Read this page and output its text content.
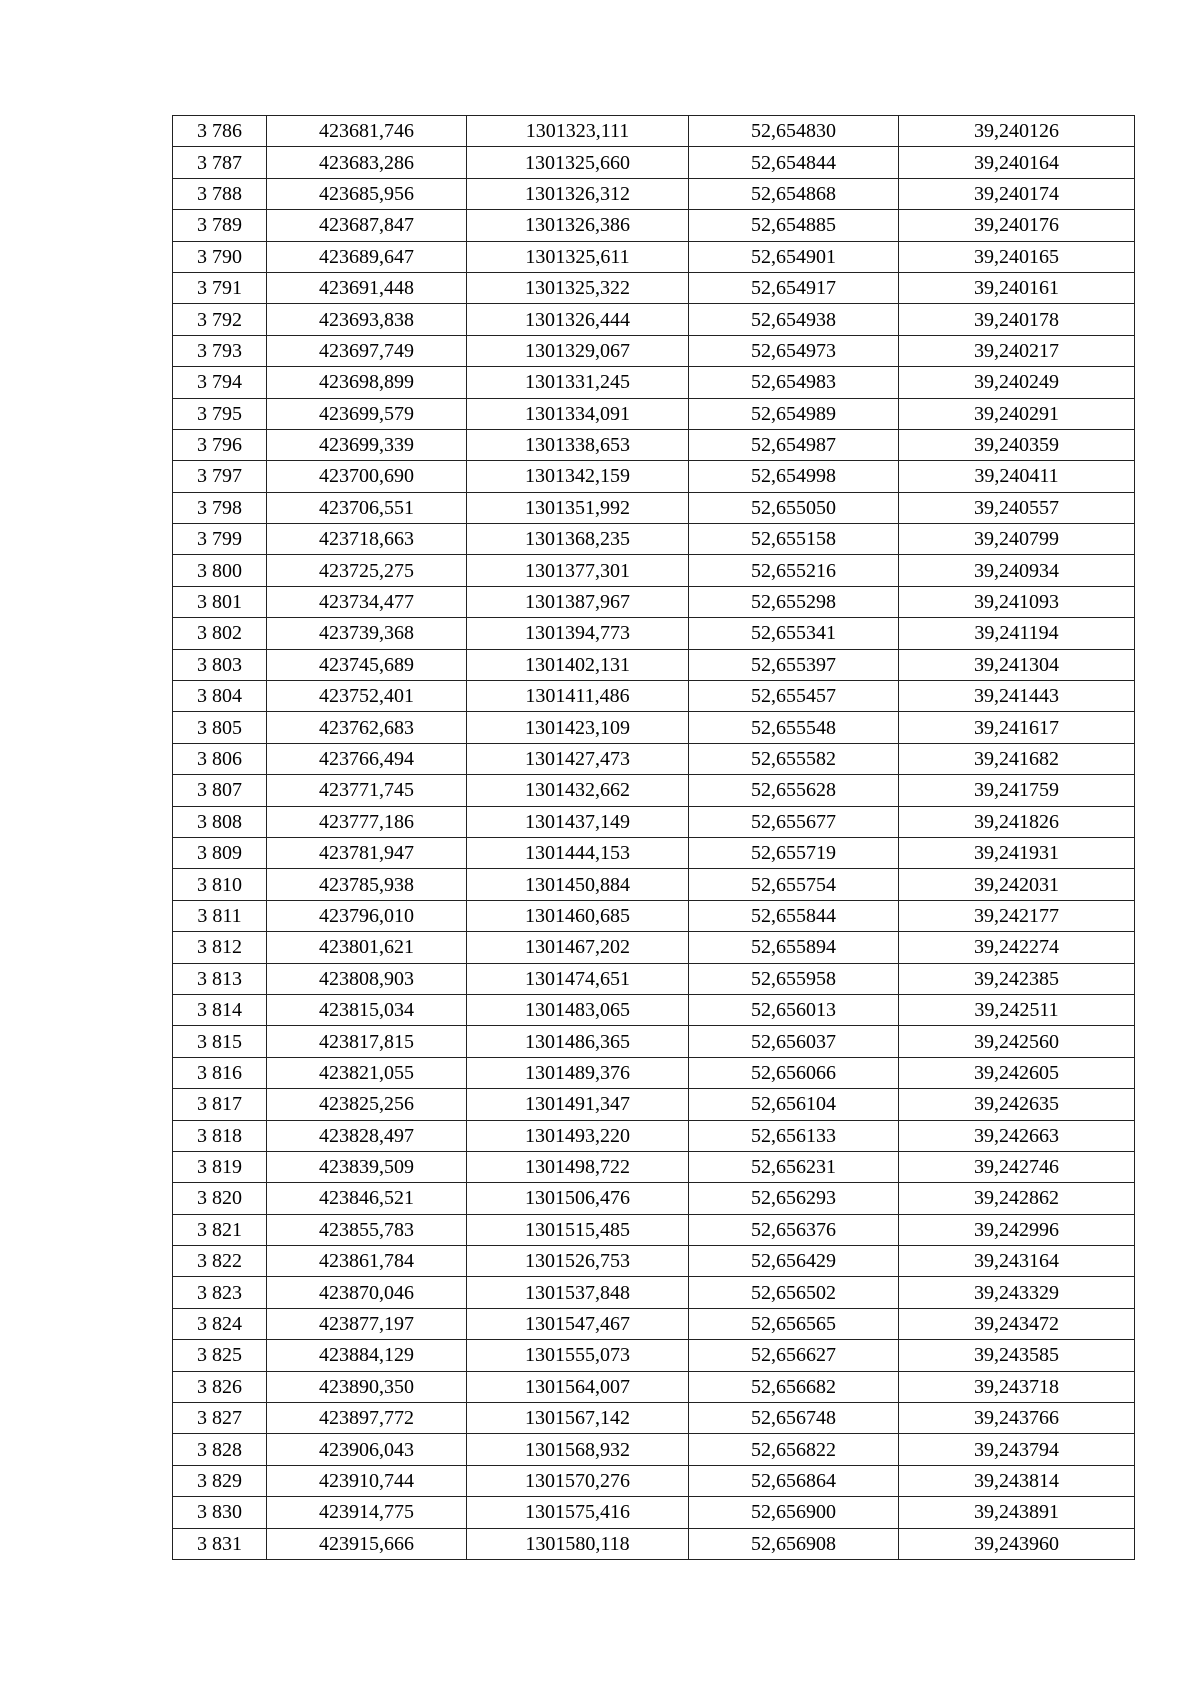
3 786	423681,746	1301323,111	52,654830	39,240126
3 787	423683,286	1301325,660	52,654844	39,240164
3 788	423685,956	1301326,312	52,654868	39,240174
3 789	423687,847	1301326,386	52,654885	39,240176
3 790	423689,647	1301325,611	52,654901	39,240165
3 791	423691,448	1301325,322	52,654917	39,240161
3 792	423693,838	1301326,444	52,654938	39,240178
3 793	423697,749	1301329,067	52,654973	39,240217
3 794	423698,899	1301331,245	52,654983	39,240249
3 795	423699,579	1301334,091	52,654989	39,240291
3 796	423699,339	1301338,653	52,654987	39,240359
3 797	423700,690	1301342,159	52,654998	39,240411
3 798	423706,551	1301351,992	52,655050	39,240557
3 799	423718,663	1301368,235	52,655158	39,240799
3 800	423725,275	1301377,301	52,655216	39,240934
3 801	423734,477	1301387,967	52,655298	39,241093
3 802	423739,368	1301394,773	52,655341	39,241194
3 803	423745,689	1301402,131	52,655397	39,241304
3 804	423752,401	1301411,486	52,655457	39,241443
3 805	423762,683	1301423,109	52,655548	39,241617
3 806	423766,494	1301427,473	52,655582	39,241682
3 807	423771,745	1301432,662	52,655628	39,241759
3 808	423777,186	1301437,149	52,655677	39,241826
3 809	423781,947	1301444,153	52,655719	39,241931
3 810	423785,938	1301450,884	52,655754	39,242031
3 811	423796,010	1301460,685	52,655844	39,242177
3 812	423801,621	1301467,202	52,655894	39,242274
3 813	423808,903	1301474,651	52,655958	39,242385
3 814	423815,034	1301483,065	52,656013	39,242511
3 815	423817,815	1301486,365	52,656037	39,242560
3 816	423821,055	1301489,376	52,656066	39,242605
3 817	423825,256	1301491,347	52,656104	39,242635
3 818	423828,497	1301493,220	52,656133	39,242663
3 819	423839,509	1301498,722	52,656231	39,242746
3 820	423846,521	1301506,476	52,656293	39,242862
3 821	423855,783	1301515,485	52,656376	39,242996
3 822	423861,784	1301526,753	52,656429	39,243164
3 823	423870,046	1301537,848	52,656502	39,243329
3 824	423877,197	1301547,467	52,656565	39,243472
3 825	423884,129	1301555,073	52,656627	39,243585
3 826	423890,350	1301564,007	52,656682	39,243718
3 827	423897,772	1301567,142	52,656748	39,243766
3 828	423906,043	1301568,932	52,656822	39,243794
3 829	423910,744	1301570,276	52,656864	39,243814
3 830	423914,775	1301575,416	52,656900	39,243891
3 831	423915,666	1301580,118	52,656908	39,243960
